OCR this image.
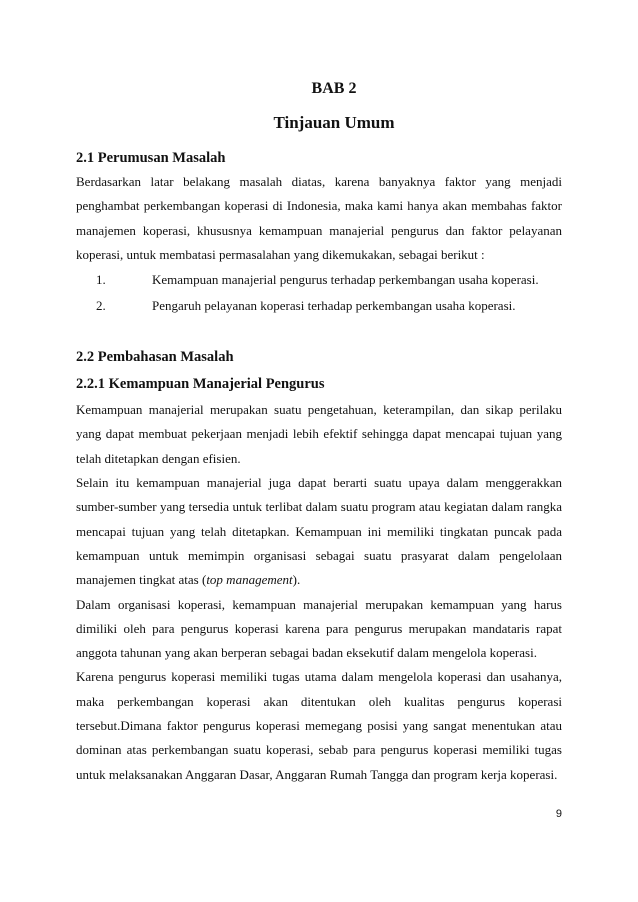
BAB 2
Tinjauan Umum
2.1 Perumusan Masalah

Berdasarkan latar belakang masalah diatas, karena banyaknya faktor yang menjadi penghambat perkembangan koperasi di Indonesia, maka kami hanya akan membahas faktor manajemen koperasi, khususnya kemampuan manajerial pengurus dan faktor pelayanan koperasi, untuk membatasi permasalahan yang dikemukakan, sebagai berikut :

1.	Kemampuan manajerial pengurus terhadap perkembangan usaha koperasi.
2.	Pengaruh pelayanan koperasi terhadap perkembangan usaha koperasi.
2.2 Pembahasan Masalah
2.2.1 Kemampuan Manajerial Pengurus

Kemampuan manajerial merupakan suatu pengetahuan, keterampilan, dan sikap perilaku yang dapat membuat pekerjaan menjadi lebih efektif sehingga dapat mencapai tujuan yang telah ditetapkan dengan efisien.

Selain itu kemampuan manajerial juga dapat berarti suatu upaya dalam menggerakkan sumber-sumber yang tersedia untuk terlibat dalam suatu program atau kegiatan dalam rangka mencapai tujuan yang telah ditetapkan. Kemampuan ini memiliki tingkatan puncak pada kemampuan untuk memimpin organisasi sebagai suatu prasyarat dalam pengelolaan manajemen tingkat atas (top management).

Dalam organisasi koperasi, kemampuan manajerial merupakan kemampuan yang harus dimiliki oleh para pengurus koperasi karena para pengurus merupakan mandataris rapat anggota tahunan yang akan berperan sebagai badan eksekutif dalam mengelola koperasi.

Karena pengurus koperasi memiliki tugas utama dalam mengelola koperasi dan usahanya, maka perkembangan koperasi akan ditentukan oleh kualitas pengurus koperasi tersebut.Dimana faktor pengurus koperasi memegang posisi yang sangat menentukan atau dominan atas perkembangan suatu koperasi, sebab para pengurus koperasi memiliki tugas untuk melaksanakan Anggaran Dasar, Anggaran Rumah Tangga dan program kerja koperasi.

9
